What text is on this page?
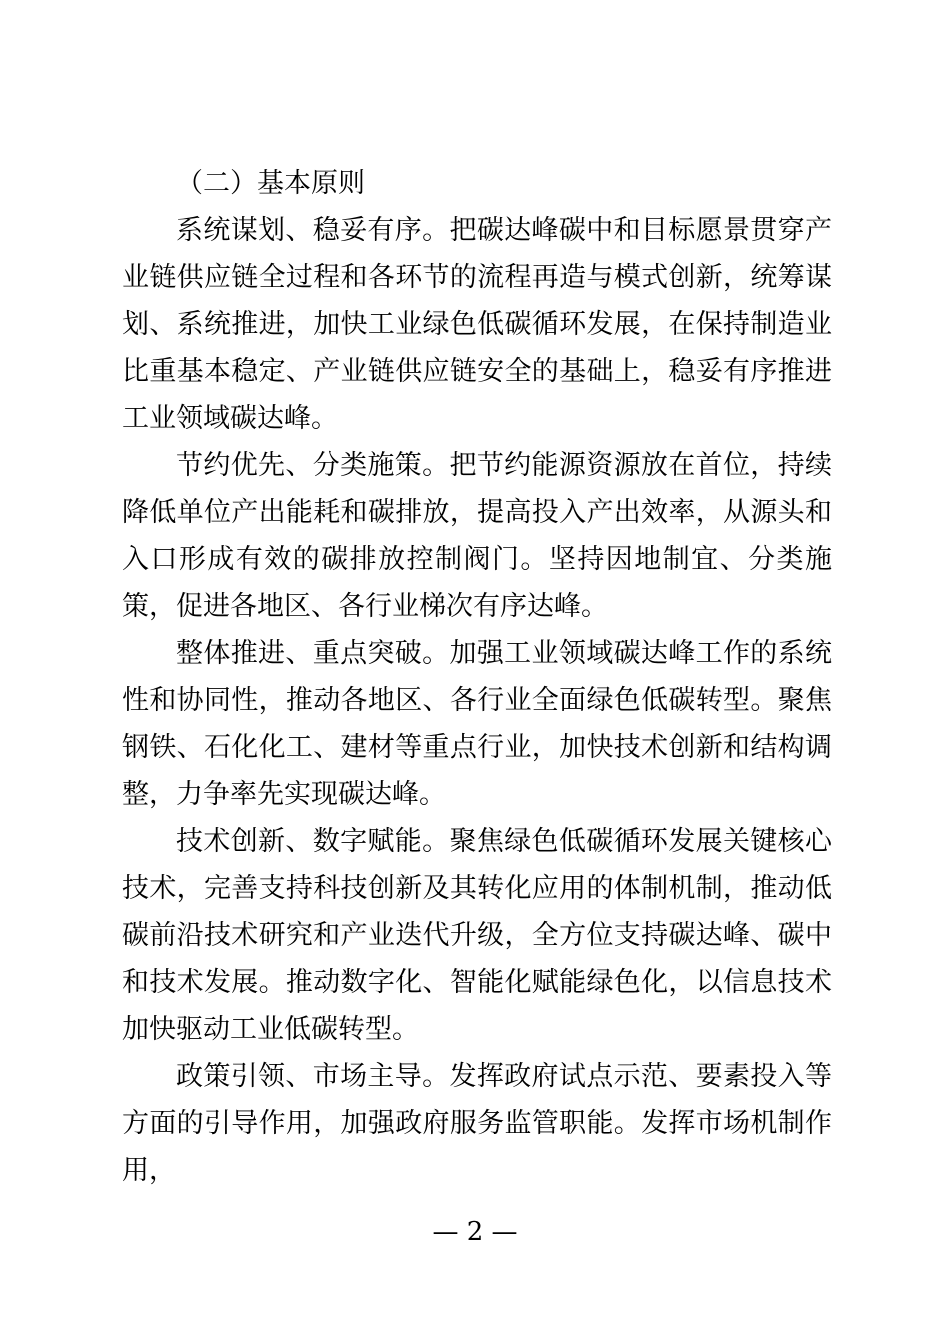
（二）基本原则

系统谋划、稳妥有序。把碳达峰碳中和目标愿景贯穿产业链供应链全过程和各环节的流程再造与模式创新，统筹谋划、系统推进，加快工业绿色低碳循环发展，在保持制造业比重基本稳定、产业链供应链安全的基础上，稳妥有序推进工业领域碳达峰。

节约优先、分类施策。把节约能源资源放在首位，持续降低单位产出能耗和碳排放，提高投入产出效率，从源头和入口形成有效的碳排放控制阀门。坚持因地制宜、分类施策，促进各地区、各行业梯次有序达峰。

整体推进、重点突破。加强工业领域碳达峰工作的系统性和协同性，推动各地区、各行业全面绿色低碳转型。聚焦钢铁、石化化工、建材等重点行业，加快技术创新和结构调整，力争率先实现碳达峰。

技术创新、数字赋能。聚焦绿色低碳循环发展关键核心技术，完善支持科技创新及其转化应用的体制机制，推动低碳前沿技术研究和产业迭代升级，全方位支持碳达峰、碳中和技术发展。推动数字化、智能化赋能绿色化，以信息技术加快驱动工业低碳转型。

政策引领、市场主导。发挥政府试点示范、要素投入等方面的引导作用，加强政府服务监管职能。发挥市场机制作用，

— 2 —
